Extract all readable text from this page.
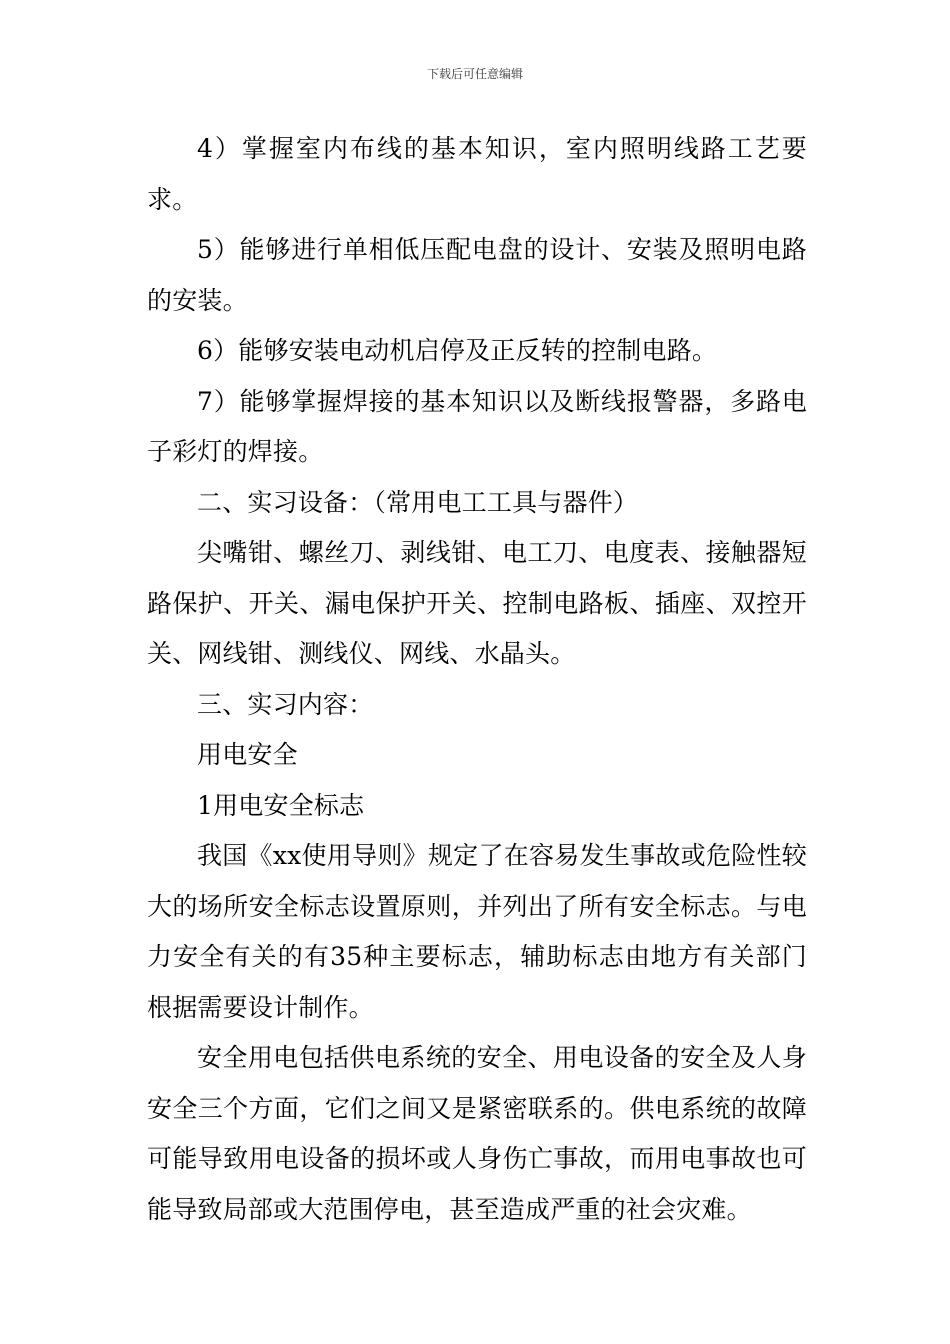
下载后可任意编辑

4）掌握室内布线的基本知识，室内照明线路工艺要求。

5）能够进行单相低压配电盘的设计、安装及照明电路的安装。

6）能够安装电动机启停及正反转的控制电路。

7）能够掌握焊接的基本知识以及断线报警器，多路电子彩灯的焊接。

二、实习设备：（常用电工工具与器件）

尖嘴钳、螺丝刀、剥线钳、电工刀、电度表、接触器短路保护、开关、漏电保护开关、控制电路板、插座、双控开关、网线钳、测线仪、网线、水晶头。

三、实习内容：

用电安全

1用电安全标志

我国《xx使用导则》规定了在容易发生事故或危险性较大的场所安全标志设置原则，并列出了所有安全标志。与电力安全有关的有35种主要标志，辅助标志由地方有关部门根据需要设计制作。

安全用电包括供电系统的安全、用电设备的安全及人身安全三个方面，它们之间又是紧密联系的。供电系统的故障可能导致用电设备的损坏或人身伤亡事故，而用电事故也可能导致局部或大范围停电，甚至造成严重的社会灾难。
